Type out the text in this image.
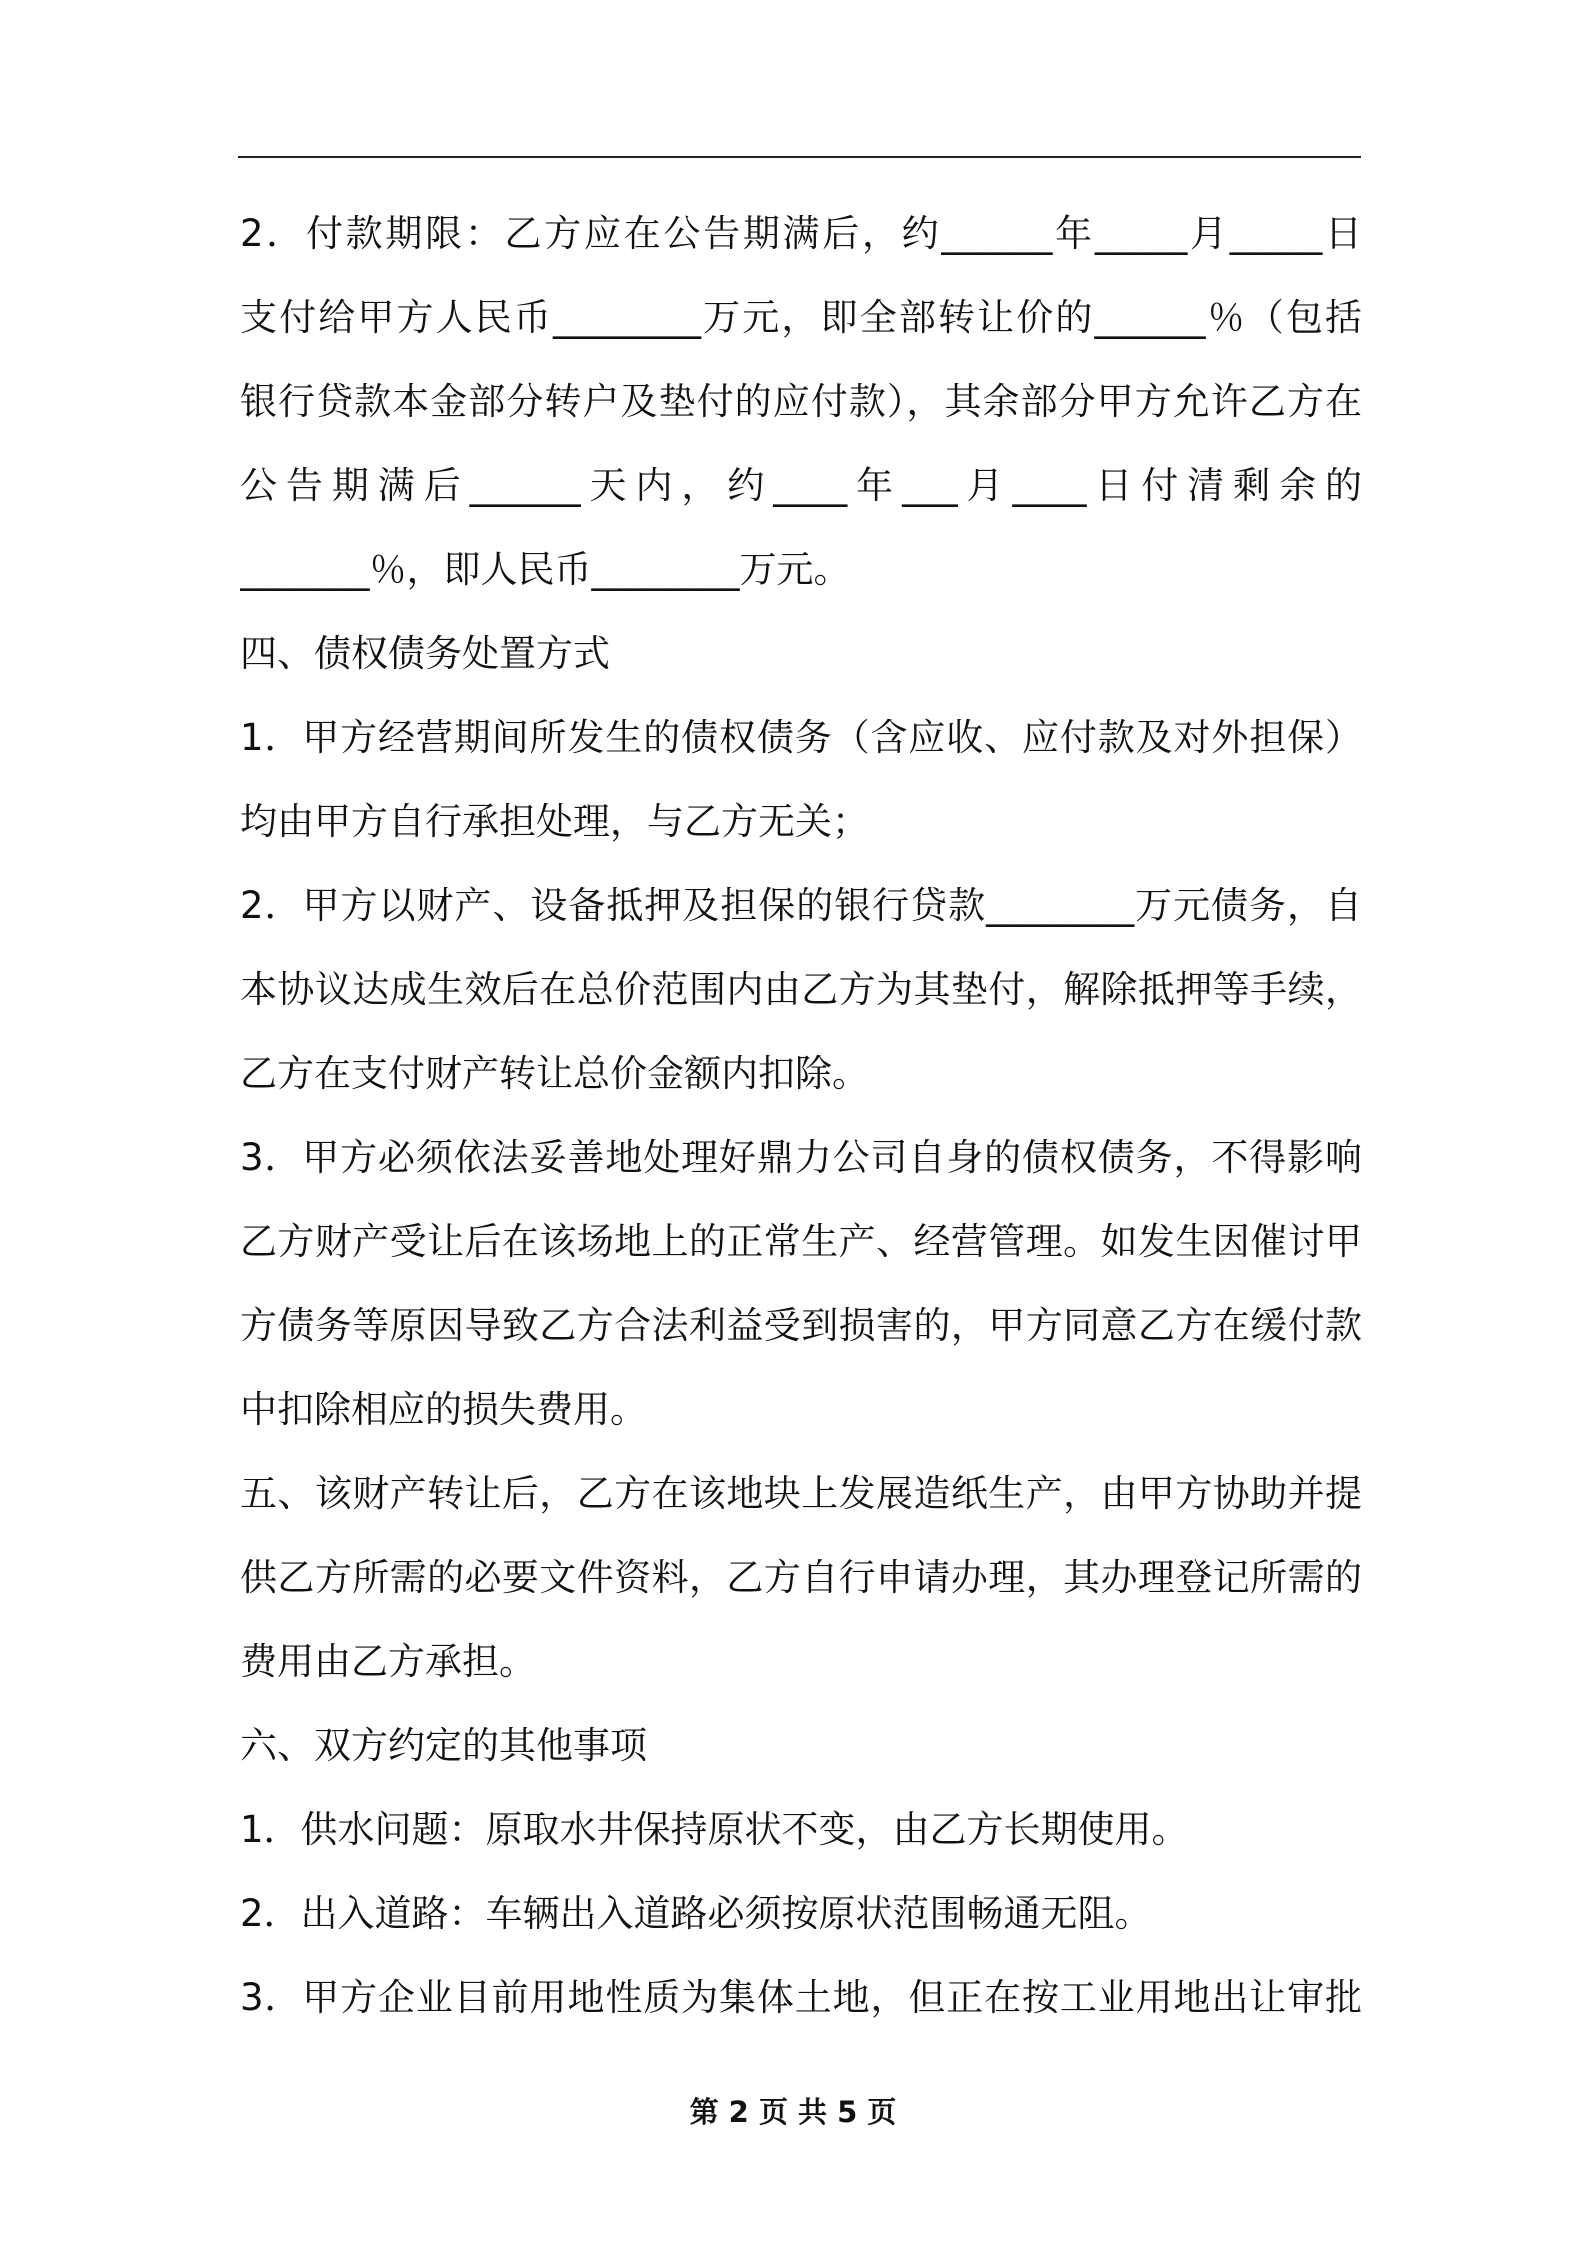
2．付款期限：乙方应在公告期满后，约______年_____月_____日
支付给甲方人民币________万元，即全部转让价的______％（包括
银行贷款本金部分转户及垫付的应付款），其余部分甲方允许乙方在
公告期满后______天内，约____年___月____日付清剩余的
_______％，即人民币________万元。
四、债权债务处置方式
1．甲方经营期间所发生的债权债务（含应收、应付款及对外担保）
均由甲方自行承担处理，与乙方无关；
2．甲方以财产、设备抵押及担保的银行贷款________万元债务，自
本协议达成生效后在总价范围内由乙方为其垫付，解除抵押等手续，
乙方在支付财产转让总价金额内扣除。
3．甲方必须依法妥善地处理好鼎力公司自身的债权债务，不得影响
乙方财产受让后在该场地上的正常生产、经营管理。如发生因催讨甲
方债务等原因导致乙方合法利益受到损害的，甲方同意乙方在缓付款
中扣除相应的损失费用。
五、该财产转让后，乙方在该地块上发展造纸生产，由甲方协助并提
供乙方所需的必要文件资料，乙方自行申请办理，其办理登记所需的
费用由乙方承担。
六、双方约定的其他事项
1．供水问题：原取水井保持原状不变，由乙方长期使用。
2．出入道路：车辆出入道路必须按原状范围畅通无阻。
3．甲方企业目前用地性质为集体土地，但正在按工业用地出让审批
第 2 页 共 5 页
